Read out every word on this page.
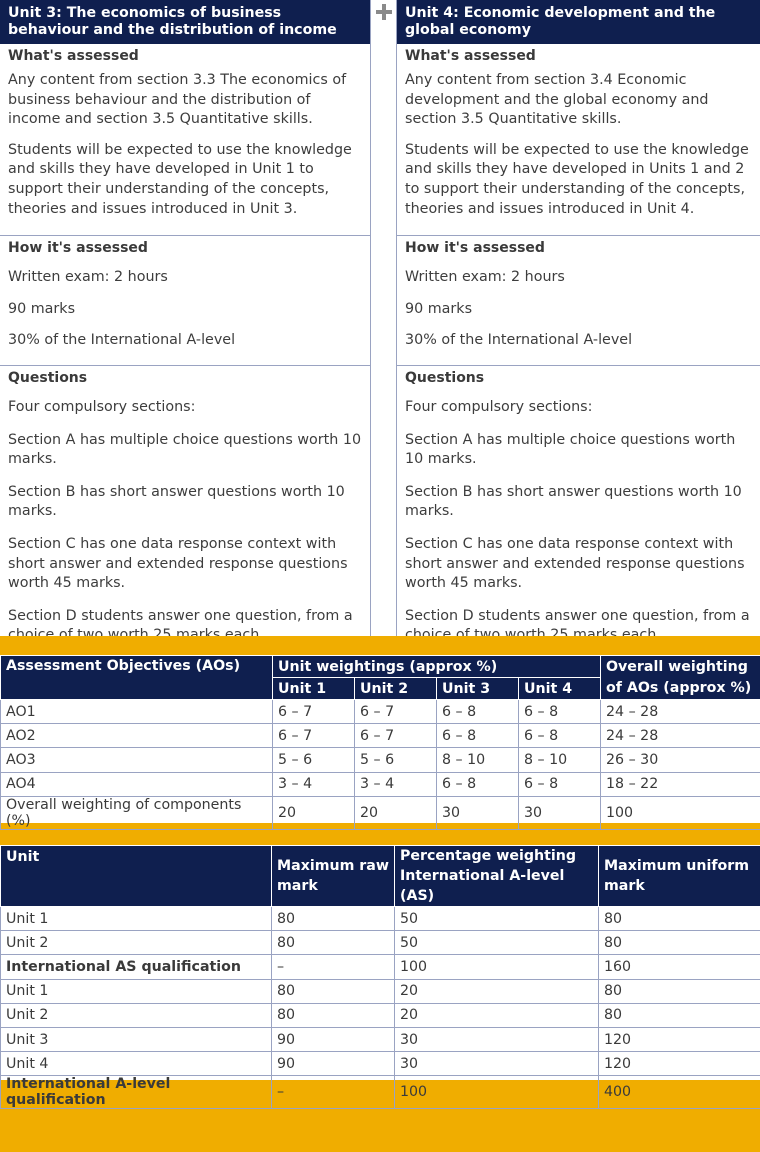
Unit 3: The economics of business behaviour and the distribution of income
What's assessed

Any content from section 3.3 The economics of business behaviour and the distribution of income and section 3.5 Quantitative skills.

Students will be expected to use the knowledge and skills they have developed in Unit 1 to support their understanding of the concepts, theories and issues introduced in Unit 3.

How it's assessed

Written exam: 2 hours

90 marks

30% of the International A-level

Questions

Four compulsory sections:

Section A has multiple choice questions worth 10 marks.

Section B has short answer questions worth 10 marks.

Section C has one data response context with short answer and extended response questions worth 45 marks.

Section D students answer one question, from a

Unit 4: Economic development and the global economy
What's assessed

Any content from section 3.4 Economic development and the global economy and section 3.5 Quantitative skills.

Students will be expected to use the knowledge and skills they have developed in Units 1 and 2 to support their understanding of the concepts, theories and issues introduced in Unit 4.

How it's assessed

Written exam: 2 hours

90 marks

30% of the International A-level

Questions

Four compulsory sections:

Section A has multiple choice questions worth 10 marks.

Section B has short answer questions worth 10 marks.

Section C has one data response context with short answer and extended response questions worth 45 marks.

Section D students answer one question, from a

Assessment Objectives (AOs)	Unit weightings (approx %)				Overall weighting of AOs (approx %)
	Unit 1	Unit 2	Unit 3	Unit 4	
AO1	6 – 7	6 – 7	6 – 8	6 – 8	24 – 28
AO2	6 – 7	6 – 7	6 – 8	6 – 8	24 – 28
AO3	5 – 6	5 – 6	8 – 10	8 – 10	26 – 30
AO4	3 – 4	3 – 4	6 – 8	6 – 8	18 – 22
Overall weighting of components (%)	20	20	30	30	100
Unit	Maximum raw mark	Percentage weighting International A-level (AS)	Maximum uniform mark
Unit 1	80	50	80
Unit 2	80	50	80
International AS qualification	–	100	160
Unit 1	80	20	80
Unit 2	80	20	80
Unit 3	90	30	120
Unit 4	90	30	120
International A-level qualification	–	100	400
